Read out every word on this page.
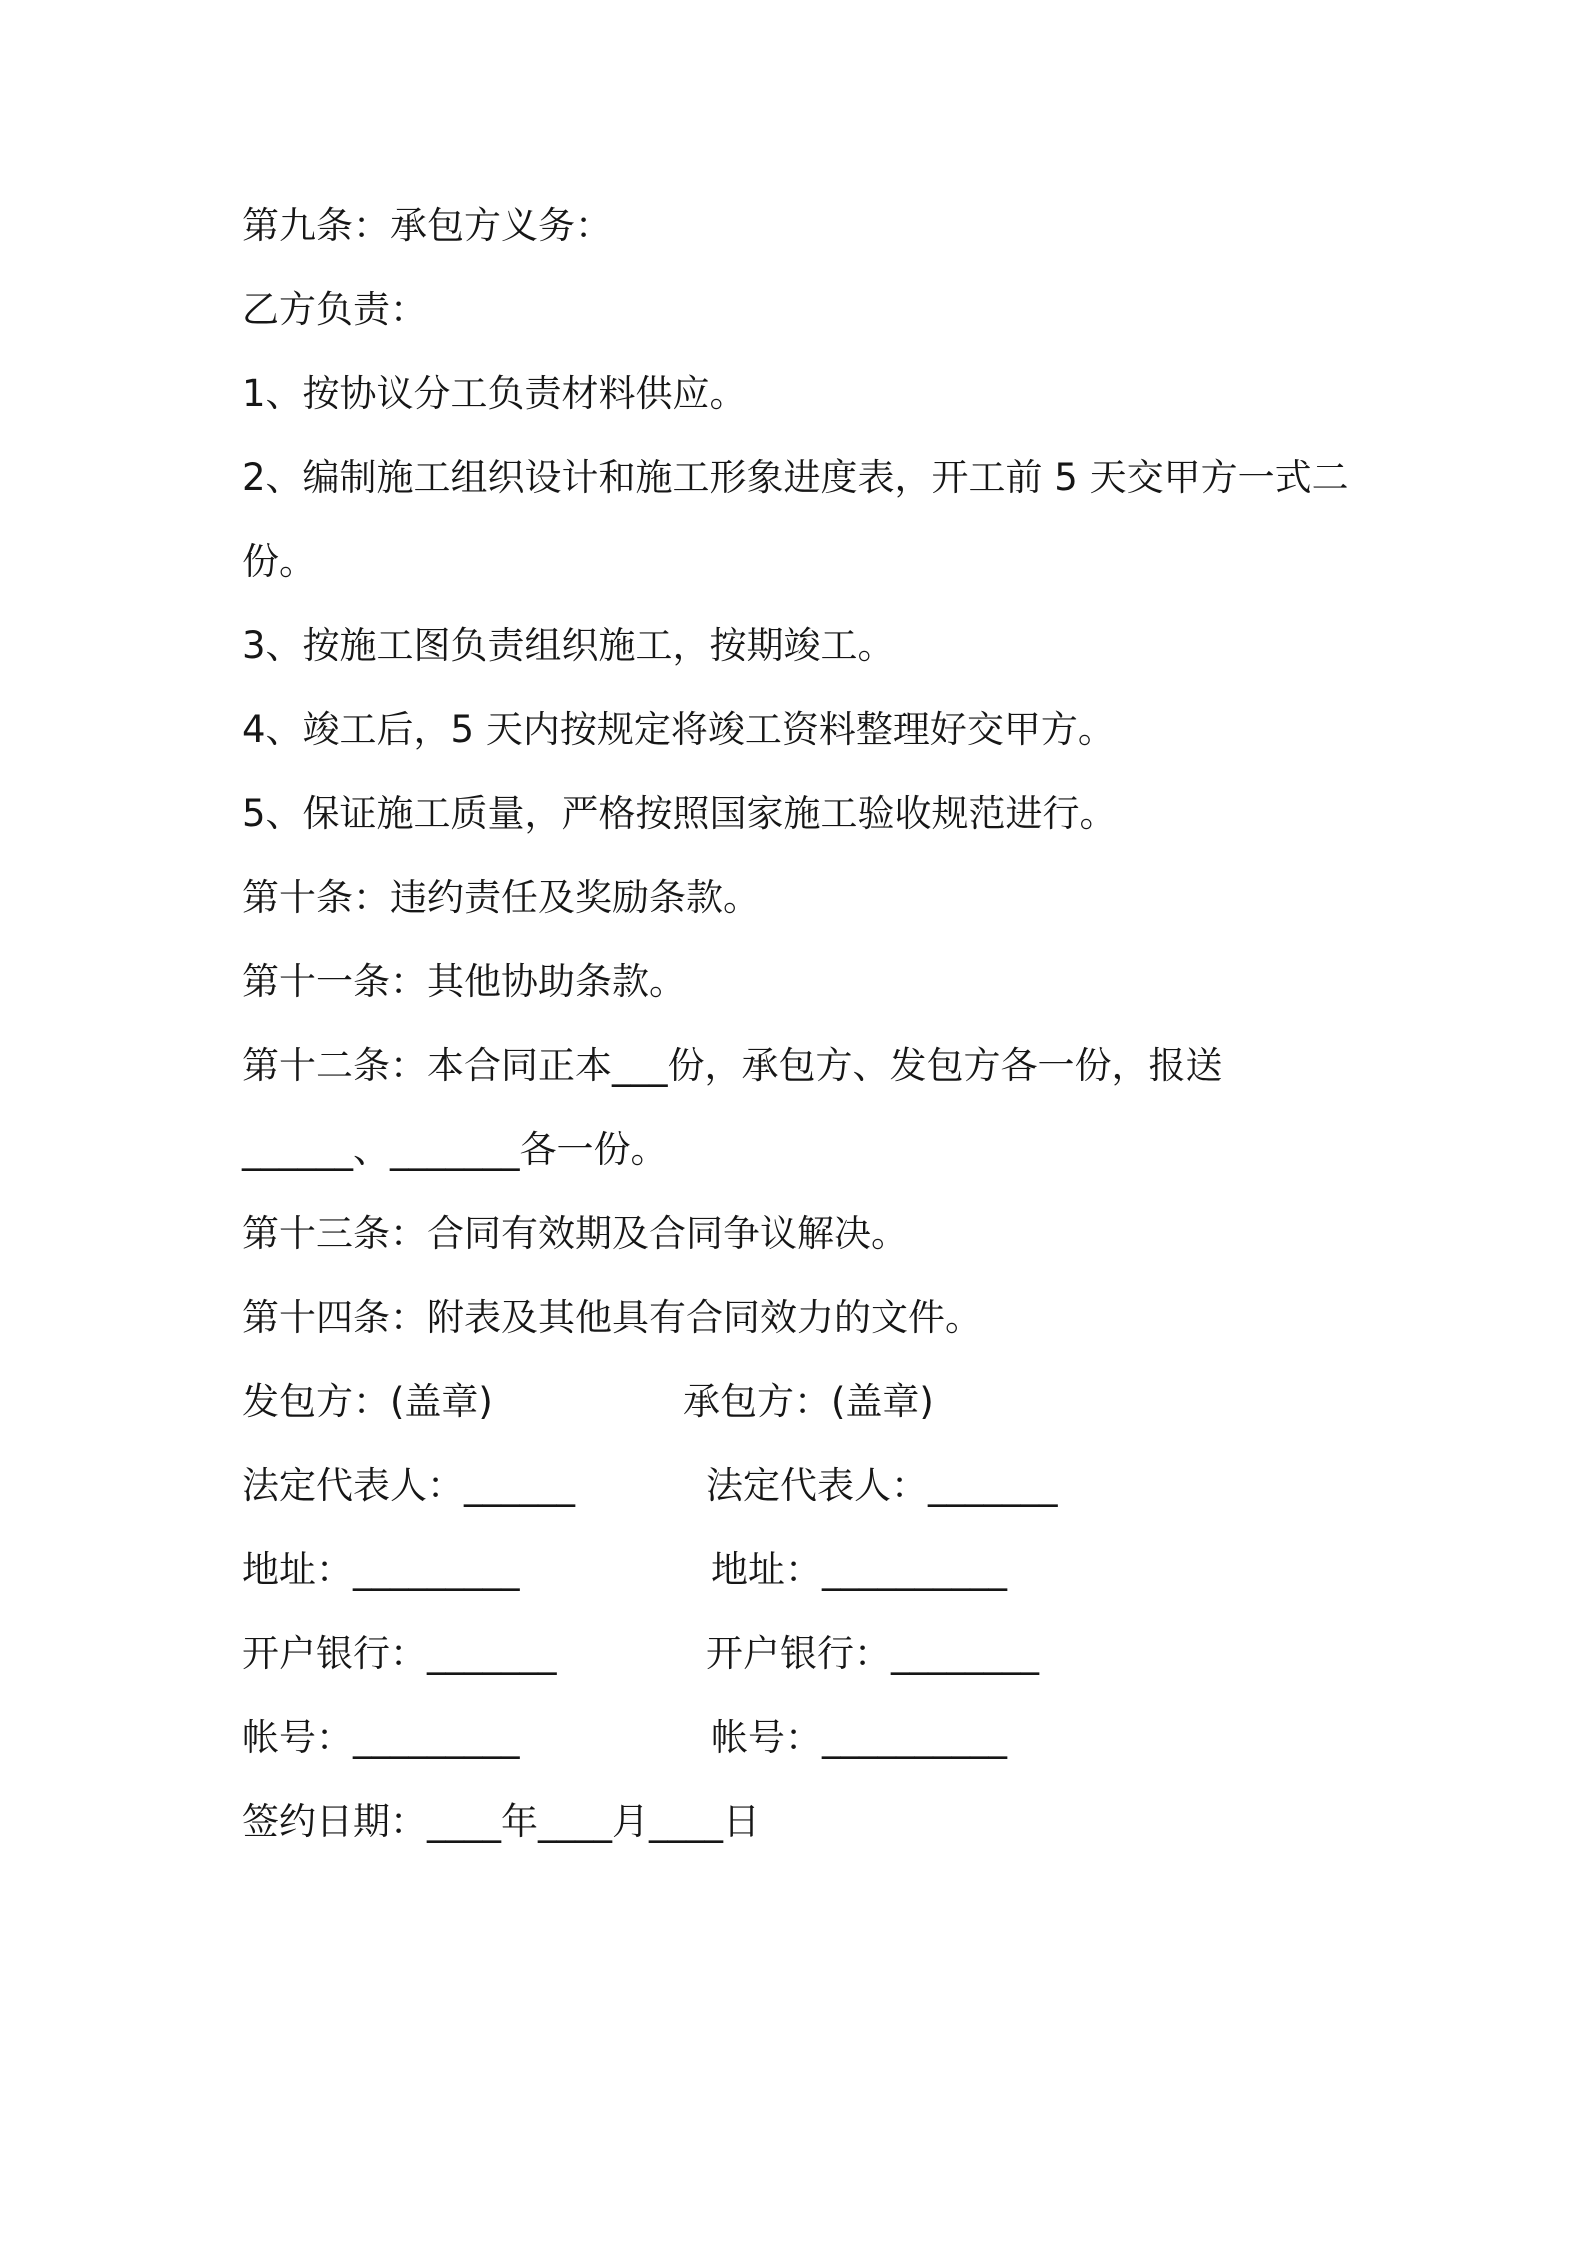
第九条：承包方义务：
乙方负责：
1、按协议分工负责材料供应。
2、编制施工组织设计和施工形象进度表，开工前 5 天交甲方一式二
份。
3、按施工图负责组织施工，按期竣工。
4、竣工后，5 天内按规定将竣工资料整理好交甲方。
5、保证施工质量，严格按照国家施工验收规范进行。
第十条：违约责任及奖励条款。
第十一条：其他协助条款。
第十二条：本合同正本___份，承包方、发包方各一份，报送
______、_______各一份。
第十三条：合同有效期及合同争议解决。
第十四条：附表及其他具有合同效力的文件。
发包方：(盖章)	承包方：(盖章)
法定代表人：______	法定代表人：_______
地址：_________	地址：__________
开户银行：_______	开户银行：________
帐号：_________	帐号：__________
签约日期：____年____月____日
